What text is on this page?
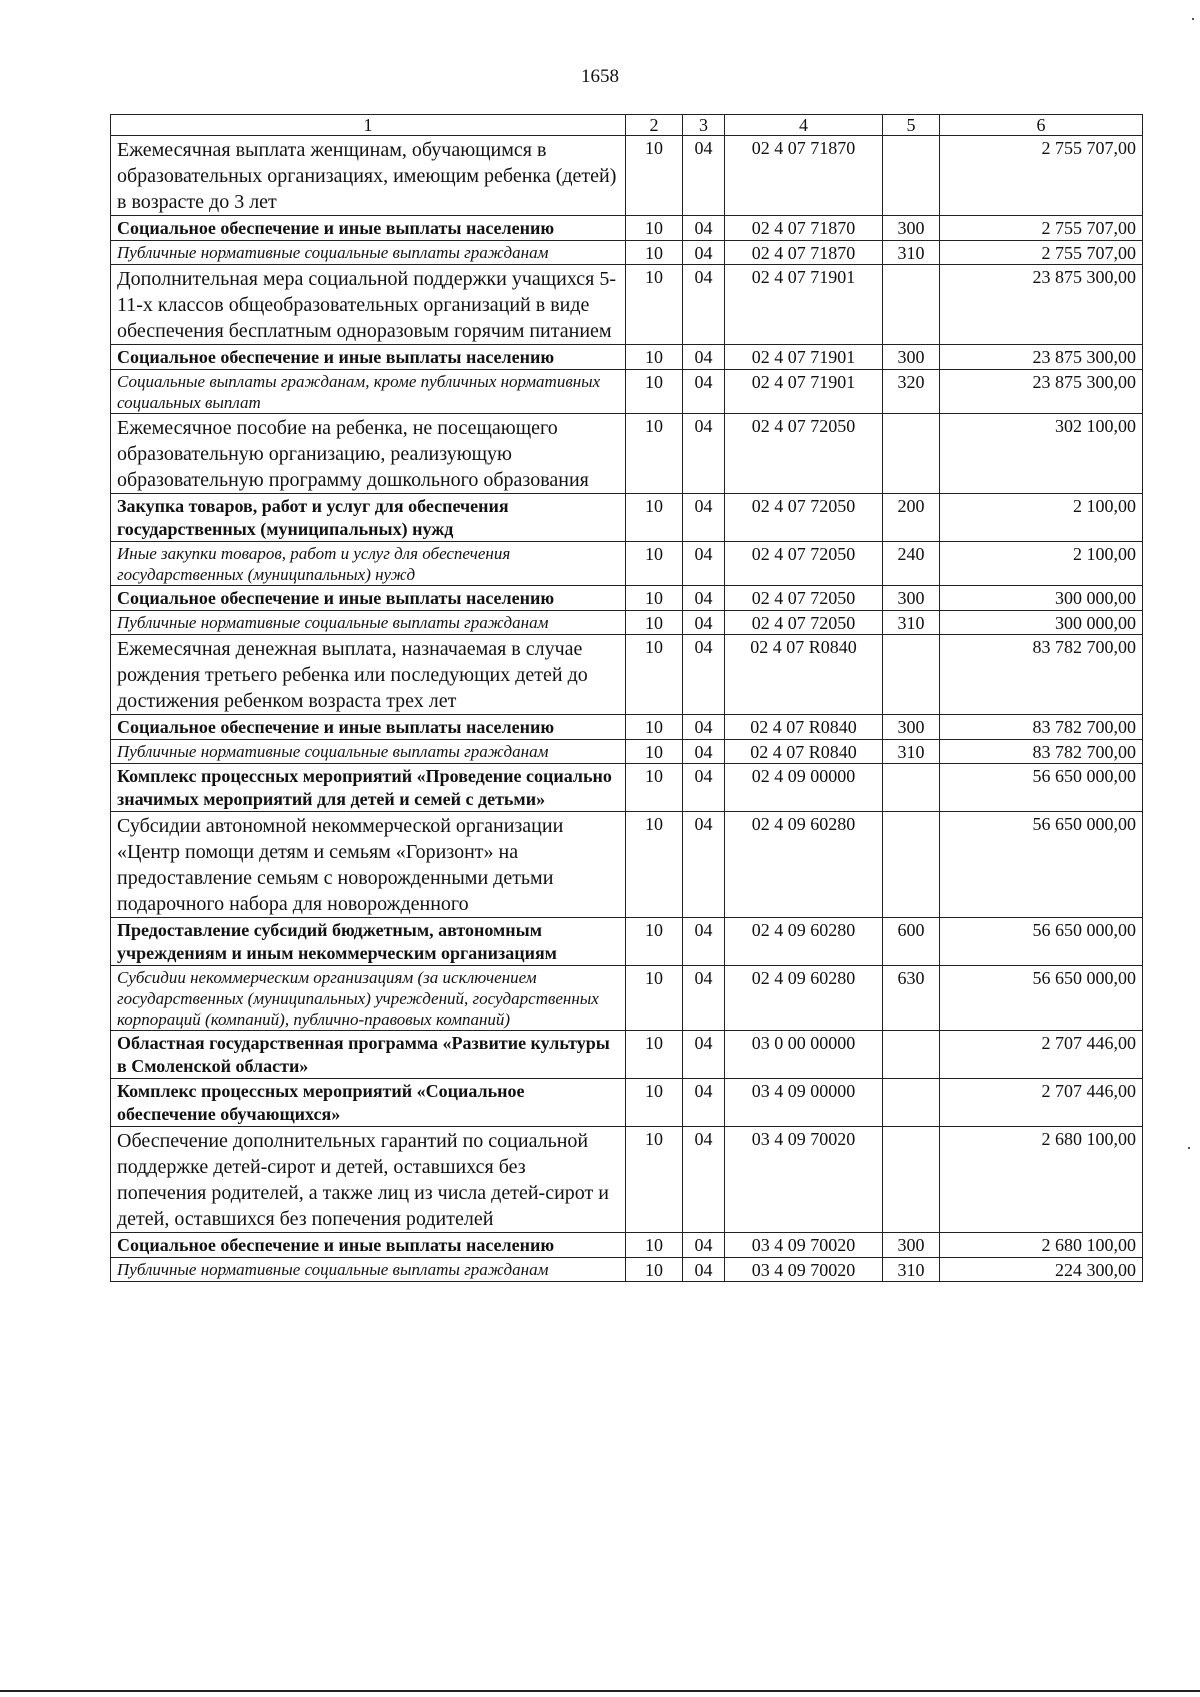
1658
1	2	3	4	5	6
Ежемесячная выплата женщинам, обучающимся в образовательных организациях, имеющим ребенка (детей) в возрасте до 3 лет	10	04	02 4 07 71870		2 755 707,00
Социальное обеспечение и иные выплаты населению	10	04	02 4 07 71870	300	2 755 707,00
Публичные нормативные социальные выплаты гражданам	10	04	02 4 07 71870	310	2 755 707,00
Дополнительная мера социальной поддержки учащихся 5-11-х классов общеобразовательных организаций в виде обеспечения бесплатным одноразовым горячим питанием	10	04	02 4 07 71901		23 875 300,00
Социальное обеспечение и иные выплаты населению	10	04	02 4 07 71901	300	23 875 300,00
Социальные выплаты гражданам, кроме публичных нормативных социальных выплат	10	04	02 4 07 71901	320	23 875 300,00
Ежемесячное пособие на ребенка, не посещающего образовательную организацию, реализующую образовательную программу дошкольного образования	10	04	02 4 07 72050		302 100,00
Закупка товаров, работ и услуг для обеспечения государственных (муниципальных) нужд	10	04	02 4 07 72050	200	2 100,00
Иные закупки товаров, работ и услуг для обеспечения государственных (муниципальных) нужд	10	04	02 4 07 72050	240	2 100,00
Социальное обеспечение и иные выплаты населению	10	04	02 4 07 72050	300	300 000,00
Публичные нормативные социальные выплаты гражданам	10	04	02 4 07 72050	310	300 000,00
Ежемесячная денежная выплата, назначаемая в случае рождения третьего ребенка или последующих детей до достижения ребенком возраста трех лет	10	04	02 4 07 R0840		83 782 700,00
Социальное обеспечение и иные выплаты населению	10	04	02 4 07 R0840	300	83 782 700,00
Публичные нормативные социальные выплаты гражданам	10	04	02 4 07 R0840	310	83 782 700,00
Комплекс процессных мероприятий «Проведение социально значимых мероприятий для детей и семей с детьми»	10	04	02 4 09 00000		56 650 000,00
Субсидии автономной некоммерческой организации «Центр помощи детям и семьям «Горизонт» на предоставление семьям с новорожденными детьми подарочного набора для новорожденного	10	04	02 4 09 60280		56 650 000,00
Предоставление субсидий бюджетным, автономным учреждениям и иным некоммерческим организациям	10	04	02 4 09 60280	600	56 650 000,00
Субсидии некоммерческим организациям (за исключением государственных (муниципальных) учреждений, государственных корпораций (компаний), публично-правовых компаний)	10	04	02 4 09 60280	630	56 650 000,00
Областная государственная программа «Развитие культуры в Смоленской области»	10	04	03 0 00 00000		2 707 446,00
Комплекс процессных мероприятий «Социальное обеспечение обучающихся»	10	04	03 4 09 00000		2 707 446,00
Обеспечение дополнительных гарантий по социальной поддержке детей-сирот и детей, оставшихся без попечения родителей, а также лиц из числа детей-сирот и детей, оставшихся без попечения родителей	10	04	03 4 09 70020		2 680 100,00
Социальное обеспечение и иные выплаты населению	10	04	03 4 09 70020	300	2 680 100,00
Публичные нормативные социальные выплаты гражданам	10	04	03 4 09 70020	310	224 300,00
